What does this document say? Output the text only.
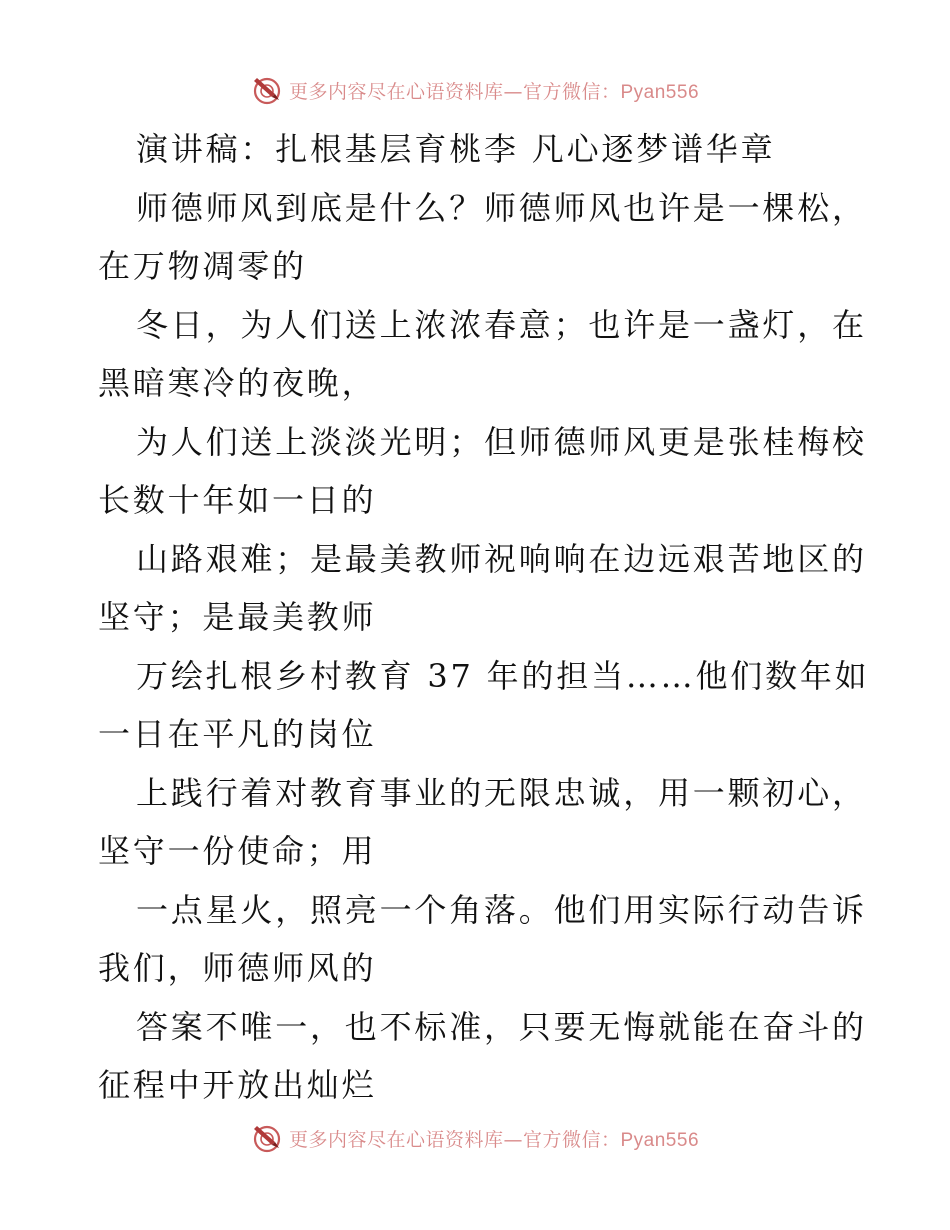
更多内容尽在心语资料库—官方微信：Pyan556
演讲稿：扎根基层育桃李 凡心逐梦谱华章
师德师风到底是什么？师德师风也许是一棵松，
在万物凋零的
冬日，为人们送上浓浓春意；也许是一盏灯，在
黑暗寒冷的夜晚，
为人们送上淡淡光明；但师德师风更是张桂梅校
长数十年如一日的
山路艰难；是最美教师祝响响在边远艰苦地区的
坚守；是最美教师
万绘扎根乡村教育 37 年的担当……他们数年如
一日在平凡的岗位
上践行着对教育事业的无限忠诚，用一颗初心，
坚守一份使命；用
一点星火，照亮一个角落。他们用实际行动告诉
我们，师德师风的
答案不唯一，也不标准，只要无悔就能在奋斗的
征程中开放出灿烂
更多内容尽在心语资料库—官方微信：Pyan556
